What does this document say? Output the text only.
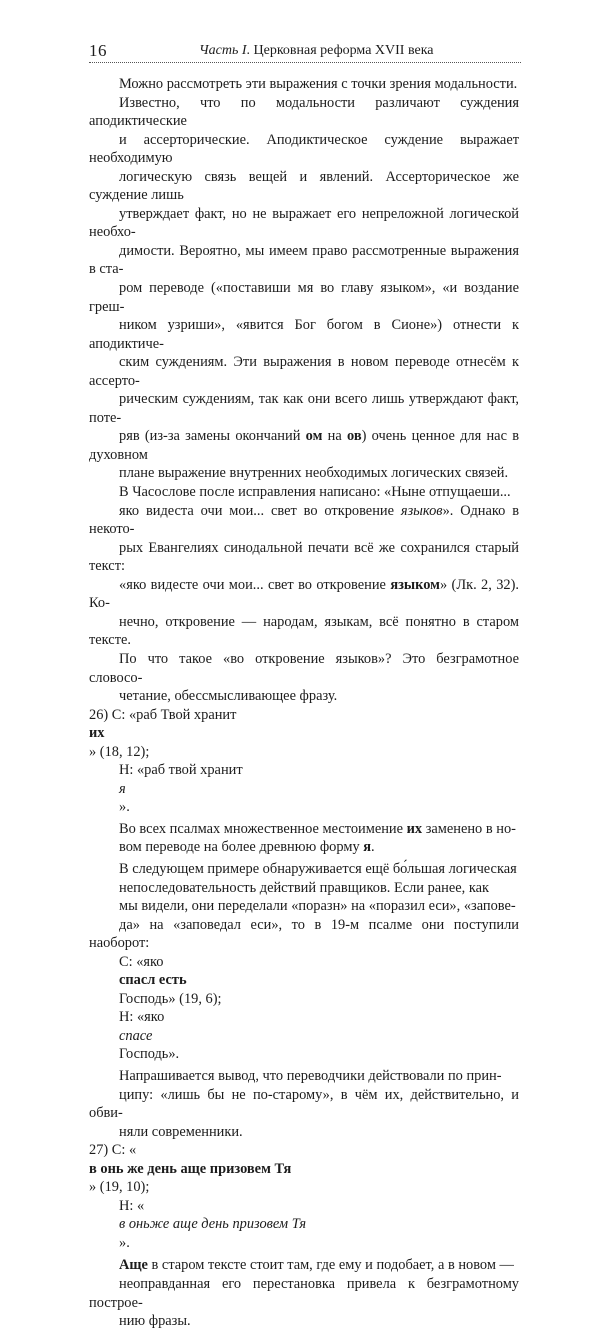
16	Часть I. Церковная реформа XVII века

Можно рассмотреть эти выражения с точки зрения модальности.
Известно, что по модальности различают суждения аподиктические
и ассерторические. Аподиктическое суждение выражает необходимую
логическую связь вещей и явлений. Ассерторическое же суждение лишь
утверждает факт, но не выражает его непреложной логической необхо-
димости. Вероятно, мы имеем право рассмотренные выражения в ста-
ром переводе («поставиши мя во главу языком», «и воздание греш-
ником узриши», «явится Бог богом в Сионе») отнести к аподиктиче-
ским суждениям. Эти выражения в новом переводе отнесём к ассерто-
рическим суждениям, так как они всего лишь утверждают факт, поте-
ряв (из-за замены окончаний ом на ов) очень ценное для нас в духовном
плане выражение внутренних необходимых логических связей.

В Часослове после исправления написано: «Ныне отпущаеши...
яко видеста очи мои... свет во откровение языков». Однако в некото-
рых Евангелиях синодальной печати всё же сохранился старый текст:
«яко видесте очи мои... свет во откровение языком» (Лк. 2, 32). Ко-
нечно, откровение — народам, языкам, всё понятно в старом тексте.
По что такое «во откровение языков»? Это безграмотное словосо-
четание, обессмысливающее фразу.

26) С: «раб Твой хранит
их
» (18, 12);

Н: «раб твой хранит
я
».

Во всех псалмах множественное местоимение их заменено в но-
вом переводе на более древнюю форму я.

В следующем примере обнаруживается ещё бо́льшая логическая
непоследовательность действий правщиков. Если ранее, как
мы видели, они переделали «поразн» на «поразил еси», «запове-
да» на «заповедал еси», то в 19-м псалме они поступили наоборот:

С: «яко
спасл есть
Господь» (19, 6);

Н: «яко
спасе
Господь».

Напрашивается вывод, что переводчики действовали по прин-
ципу: «лишь бы не по-старому», в чём их, действительно, и обви-
няли современники.

27) С: «
в онь же день аще призовем Тя
» (19, 10);

Н: «
в оньже аще день призовем Тя
».

Аще в старом тексте стоит там, где ему и подобает, а в новом —
неоправданная его перестановка привела к безграмотному построе-
нию фразы.
